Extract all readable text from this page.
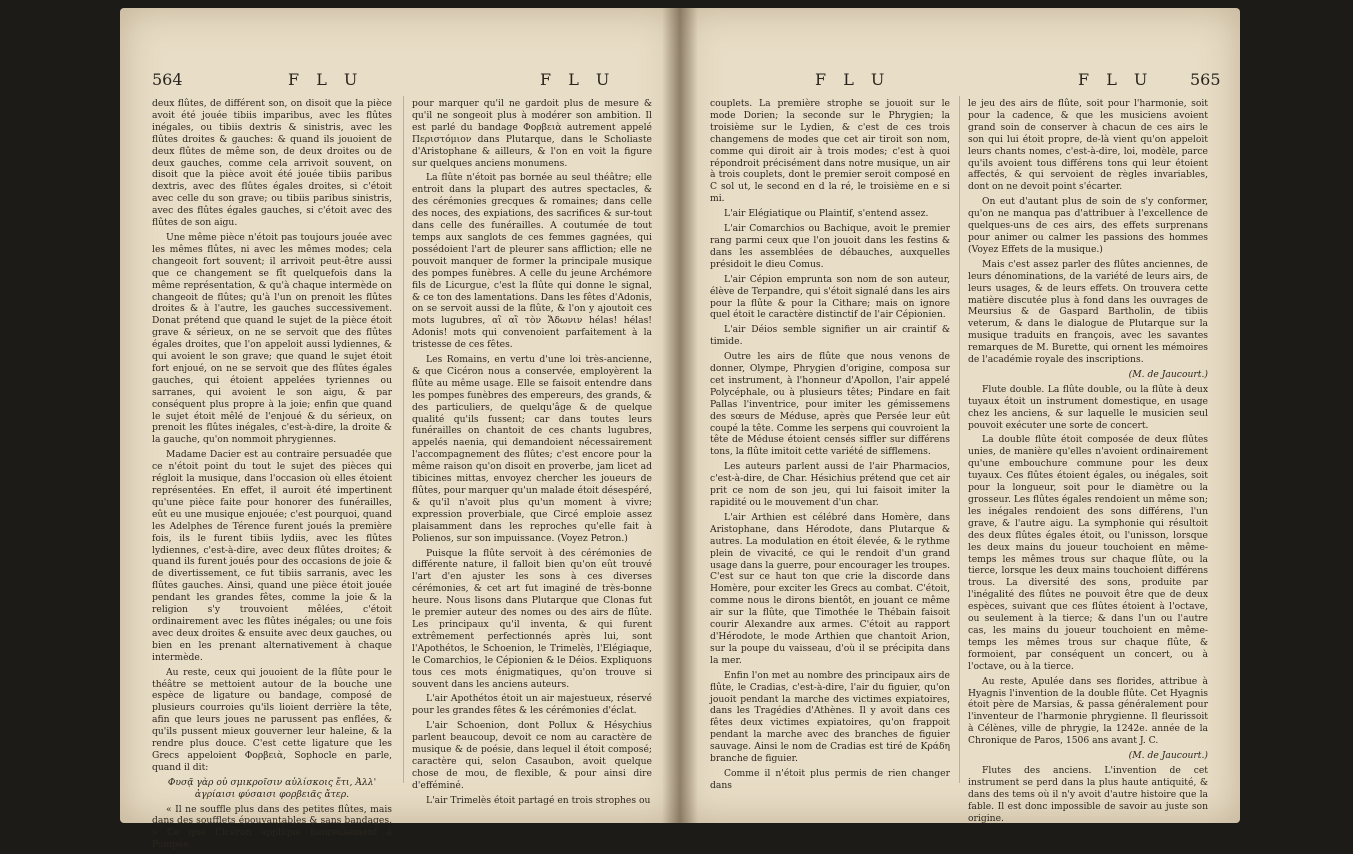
564	F L U	F L U

deux flûtes, de différent son, on disoit que la pièce avoit été jouée tibiis imparibus, avec les flûtes inégales, ou tibiis dextris & sinistris, avec les flûtes droites & gauches: & quand ils jouoient de deux flûtes de même son, de deux droites ou de deux gauches, comme cela arrivoit souvent, on disoit que la pièce avoit été jouée tibiis paribus dextris, avec des flûtes égales droites, si c'étoit avec celle du son grave; ou tibiis paribus sinistris, avec des flûtes égales gauches, si c'étoit avec des flûtes de son aigu.

Une même pièce n'étoit pas toujours jouée avec les mêmes flûtes, ni avec les mêmes modes; cela changeoit fort souvent; il arrivoit peut-être aussi que ce changement se fît quelquefois dans la même représentation, & qu'à chaque intermède on changeoit de flûtes; qu'à l'un on prenoit les flûtes droites & à l'autre, les gauches successivement. Donat prétend que quand le sujet de la pièce étoit grave & sérieux, on ne se servoit que des flûtes égales droites, que l'on appeloit aussi lydiennes, & qui avoient le son grave; que quand le sujet étoit fort enjoué, on ne se servoit que des flûtes égales gauches, qui étoient appelées tyriennes ou sarranes, qui avoient le son aigu, & par conséquent plus propre à la joie; enfin que quand le sujet étoit mêlé de l'enjoué & du sérieux, on prenoit les flûtes inégales, c'est-à-dire, la droite & la gauche, qu'on nommoit phrygiennes.

Madame Dacier est au contraire persuadée que ce n'étoit point du tout le sujet des pièces qui régloit la musique, dans l'occasion où elles étoient représentées. En effet, il auroit été impertinent qu'une pièce faite pour honorer des funérailles, eût eu une musique enjouée; c'est pourquoi, quand les Adelphes de Térence furent joués la première fois, ils le furent tibiis lydiis, avec les flûtes lydiennes, c'est-à-dire, avec deux flûtes droites; & quand ils furent joués pour des occasions de joie & de divertissement, ce fut tibiis sarranis, avec les flûtes gauches. Ainsi, quand une pièce étoit jouée pendant les grandes fêtes, comme la joie & la religion s'y trouvoient mêlées, c'étoit ordinairement avec les flûtes inégales; ou une fois avec deux droites & ensuite avec deux gauches, ou bien en les prenant alternativement à chaque intermède.

Au reste, ceux qui jouoient de la flûte pour le théâtre se mettoient autour de la bouche une espèce de ligature ou bandage, composé de plusieurs courroies qu'ils lioient derrière la tête, afin que leurs joues ne parussent pas enflées, & qu'ils pussent mieux gouverner leur haleine, & la rendre plus douce. C'est cette ligature que les Grecs appeloient Φορβειὰ, Sophocle en parle, quand il dit:

Φυσᾷ γὰρ οὐ σμικροῖσιν αὐλίσκοις ἔτι, Ἀλλ' ἀγρίαισι φύσαισι φορβειᾶς ἄτερ.

« Il ne souffle plus dans des petites flûtes, mais dans des soufflets épouvantables & sans bandages. » Ce que Cicéron applique heureusement à Pompée,

pour marquer qu'il ne gardoit plus de mesure & qu'il ne songeoit plus à modérer son ambition. Il est parlé du bandage Φορβειὰ autrement appelé Περιστόμιον dans Plutarque, dans le Scholiaste d'Aristophane & ailleurs, & l'on en voit la figure sur quelques anciens monumens.

La flûte n'étoit pas bornée au seul théâtre; elle entroit dans la plupart des autres spectacles, & des cérémonies grecques & romaines; dans celle des noces, des expiations, des sacrifices & sur-tout dans celle des funérailles. A coutumée de tout temps aux sanglots de ces femmes gagnées, qui possédoient l'art de pleurer sans affliction; elle ne pouvoit manquer de former la principale musique des pompes funèbres. A celle du jeune Archémore fils de Licurgue, c'est la flûte qui donne le signal, & ce ton des lamentations. Dans les fêtes d'Adonis, on se servoit aussi de la flûte, & l'on y ajoutoit ces mots lugubres, αἲ αἲ τὸν Ἄδωνιν hélas! hélas! Adonis! mots qui convenoient parfaitement à la tristesse de ces fêtes.

Les Romains, en vertu d'une loi très-ancienne, & que Cicéron nous a conservée, employèrent la flûte au même usage. Elle se faisoit entendre dans les pompes funèbres des empereurs, des grands, & des particuliers, de quelqu'âge & de quelque qualité qu'ils fussent; car dans toutes leurs funérailles on chantoit de ces chants lugubres, appelés naenia, qui demandoient nécessairement l'accompagnement des flûtes; c'est encore pour la même raison qu'on disoit en proverbe, jam licet ad tibicines mittas, envoyez chercher les joueurs de flûtes, pour marquer qu'un malade étoit désespéré, & qu'il n'avoit plus qu'un moment à vivre; expression proverbiale, que Circé emploie assez plaisamment dans les reproches qu'elle fait à Polienos, sur son impuissance. (Voyez Petron.)

Puisque la flûte servoit à des cérémonies de différente nature, il falloit bien qu'on eût trouvé l'art d'en ajuster les sons à ces diverses cérémonies, & cet art fut imaginé de très-bonne heure. Nous lisons dans Plutarque que Clonas fut le premier auteur des nomes ou des airs de flûte. Les principaux qu'il inventa, & qui furent extrêmement perfectionnés après lui, sont l'Apothétos, le Schoenion, le Trimelès, l'Elégiaque, le Comarchios, le Cépionien & le Déios. Expliquons tous ces mots énigmatiques, qu'on trouve si souvent dans les anciens auteurs.

L'air Apothétos étoit un air majestueux, réservé pour les grandes fêtes & les cérémonies d'éclat.

L'air Schoenion, dont Pollux & Hésychius parlent beaucoup, devoit ce nom au caractère de musique & de poésie, dans lequel il étoit composé; caractère qui, selon Casaubon, avoit quelque chose de mou, de flexible, & pour ainsi dire d'efféminé.

L'air Trimelès étoit partagé en trois strophes ou

F L U	F L U 565

couplets. La première strophe se jouoit sur le mode Dorien; la seconde sur le Phrygien; la troisième sur le Lydien, & c'est de ces trois changemens de modes que cet air tiroit son nom, comme qui diroit air à trois modes; c'est à quoi répondroit précisément dans notre musique, un air à trois couplets, dont le premier seroit composé en C sol ut, le second en d la ré, le troisième en e si mi.

L'air Elégiatique ou Plaintif, s'entend assez.

L'air Comarchios ou Bachique, avoit le premier rang parmi ceux que l'on jouoit dans les festins & dans les assemblées de débauches, auxquelles présidoit le dieu Comus.

L'air Cépion emprunta son nom de son auteur, élève de Terpandre, qui s'étoit signalé dans les airs pour la flûte & pour la Cithare; mais on ignore quel étoit le caractère distinctif de l'air Cépionien.

L'air Déios semble signifier un air craintif & timide.

Outre les airs de flûte que nous venons de donner, Olympe, Phrygien d'origine, composa sur cet instrument, à l'honneur d'Apollon, l'air appelé Polycéphale, ou à plusieurs têtes; Pindare en fait Pallas l'inventrice, pour imiter les gémissemens des sœurs de Méduse, après que Persée leur eût coupé la tête. Comme les serpens qui couvroient la tête de Méduse étoient censés siffler sur différens tons, la flûte imitoit cette variété de sifflemens.

Les auteurs parlent aussi de l'air Pharmacios, c'est-à-dire, de Char. Hésichius prétend que cet air prit ce nom de son jeu, qui lui faisoit imiter la rapidité ou le mouvement d'un char.

L'air Arthien est célébré dans Homère, dans Aristophane, dans Hérodote, dans Plutarque & autres. La modulation en étoit élevée, & le rythme plein de vivacité, ce qui le rendoit d'un grand usage dans la guerre, pour encourager les troupes. C'est sur ce haut ton que crie la discorde dans Homère, pour exciter les Grecs au combat. C'étoit, comme nous le dirons bientôt, en jouant ce même air sur la flûte, que Timothée le Thébain faisoit courir Alexandre aux armes. C'étoit au rapport d'Hérodote, le mode Arthien que chantoit Arion, sur la poupe du vaisseau, d'où il se précipita dans la mer.

Enfin l'on met au nombre des principaux airs de flûte, le Cradias, c'est-à-dire, l'air du figuier, qu'on jouoit pendant la marche des victimes expiatoires, dans les Tragédies d'Athènes. Il y avoit dans ces fêtes deux victimes expiatoires, qu'on frappoit pendant la marche avec des branches de figuier sauvage. Ainsi le nom de Cradias est tiré de Κράδη branche de figuier.

Comme il n'étoit plus permis de rien changer dans

le jeu des airs de flûte, soit pour l'harmonie, soit pour la cadence, & que les musiciens avoient grand soin de conserver à chacun de ces airs le son qui lui étoit propre, de-là vient qu'on appeloit leurs chants nomes, c'est-à-dire, loi, modèle, parce qu'ils avoient tous différens tons qui leur étoient affectés, & qui servoient de règles invariables, dont on ne devoit point s'écarter.

On eut d'autant plus de soin de s'y conformer, qu'on ne manqua pas d'attribuer à l'excellence de quelques-uns de ces airs, des effets surprenans pour animer ou calmer les passions des hommes (Voyez Effets de la musique.)

Mais c'est assez parler des flûtes anciennes, de leurs dénominations, de la variété de leurs airs, de leurs usages, & de leurs effets. On trouvera cette matière discutée plus à fond dans les ouvrages de Meursius & de Gaspard Bartholin, de tibiis veterum, & dans le dialogue de Plutarque sur la musique traduits en françois, avec les savantes remarques de M. Burette, qui ornent les mémoires de l'académie royale des inscriptions.

(M. de Jaucourt.)

Flute double. La flûte double, ou la flûte à deux tuyaux étoit un instrument domestique, en usage chez les anciens, & sur laquelle le musicien seul pouvoit exécuter une sorte de concert.

La double flûte étoit composée de deux flûtes unies, de manière qu'elles n'avoient ordinairement qu'une embouchure commune pour les deux tuyaux. Ces flûtes étoient égales, ou inégales, soit pour la longueur, soit pour le diamètre ou la grosseur. Les flûtes égales rendoient un même son; les inégales rendoient des sons différens, l'un grave, & l'autre aigu. La symphonie qui résultoit des deux flûtes égales étoit, ou l'unisson, lorsque les deux mains du joueur touchoient en même-temps les mêmes trous sur chaque flûte, ou la tierce, lorsque les deux mains touchoient différens trous. La diversité des sons, produite par l'inégalité des flûtes ne pouvoit être que de deux espèces, suivant que ces flûtes étoient à l'octave, ou seulement à la tierce; & dans l'un ou l'autre cas, les mains du joueur touchoient en même-temps les mêmes trous sur chaque flûte, & formoient, par conséquent un concert, ou à l'octave, ou à la tierce.

Au reste, Apulée dans ses florides, attribue à Hyagnis l'invention de la double flûte. Cet Hyagnis étoit père de Marsias, & passa généralement pour l'inventeur de l'harmonie phrygienne. Il fleurissoit à Célènes, ville de phrygie, la 1242e. année de la Chronique de Paros, 1506 ans avant J. C.

(M. de Jaucourt.)

Flutes des anciens. L'invention de cet instrument se perd dans la plus haute antiquité, & dans des tems où il n'y avoit d'autre histoire que la fable. Il est donc impossible de savoir au juste son origine.
